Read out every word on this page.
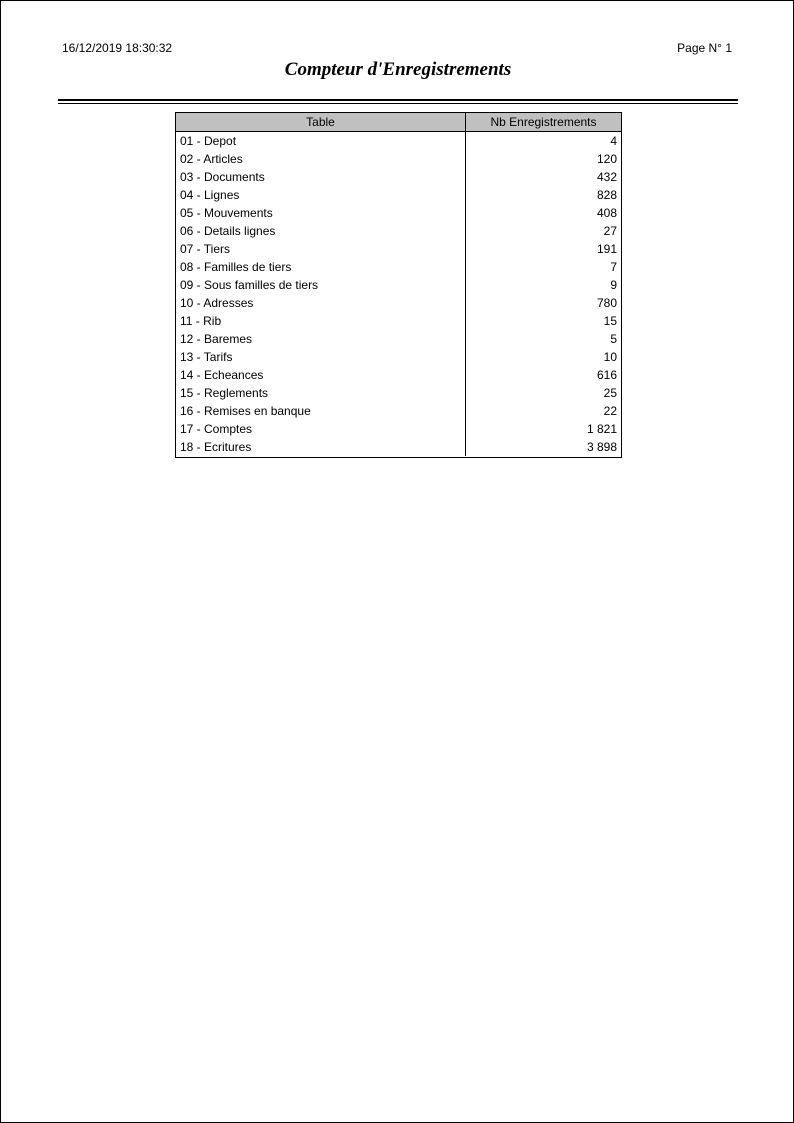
16/12/2019 18:30:32	Page N° 1
Compteur d'Enregistrements
Table	Nb Enregistrements
01 - Depot	4
02 - Articles	120
03 - Documents	432
04 - Lignes	828
05 - Mouvements	408
06 - Details lignes	27
07 - Tiers	191
08 - Familles de tiers	7
09 - Sous familles de tiers	9
10 - Adresses	780
11 - Rib	15
12 - Baremes	5
13 - Tarifs	10
14 - Echeances	616
15 - Reglements	25
16 - Remises en banque	22
17 - Comptes	1 821
18 - Ecritures	3 898
